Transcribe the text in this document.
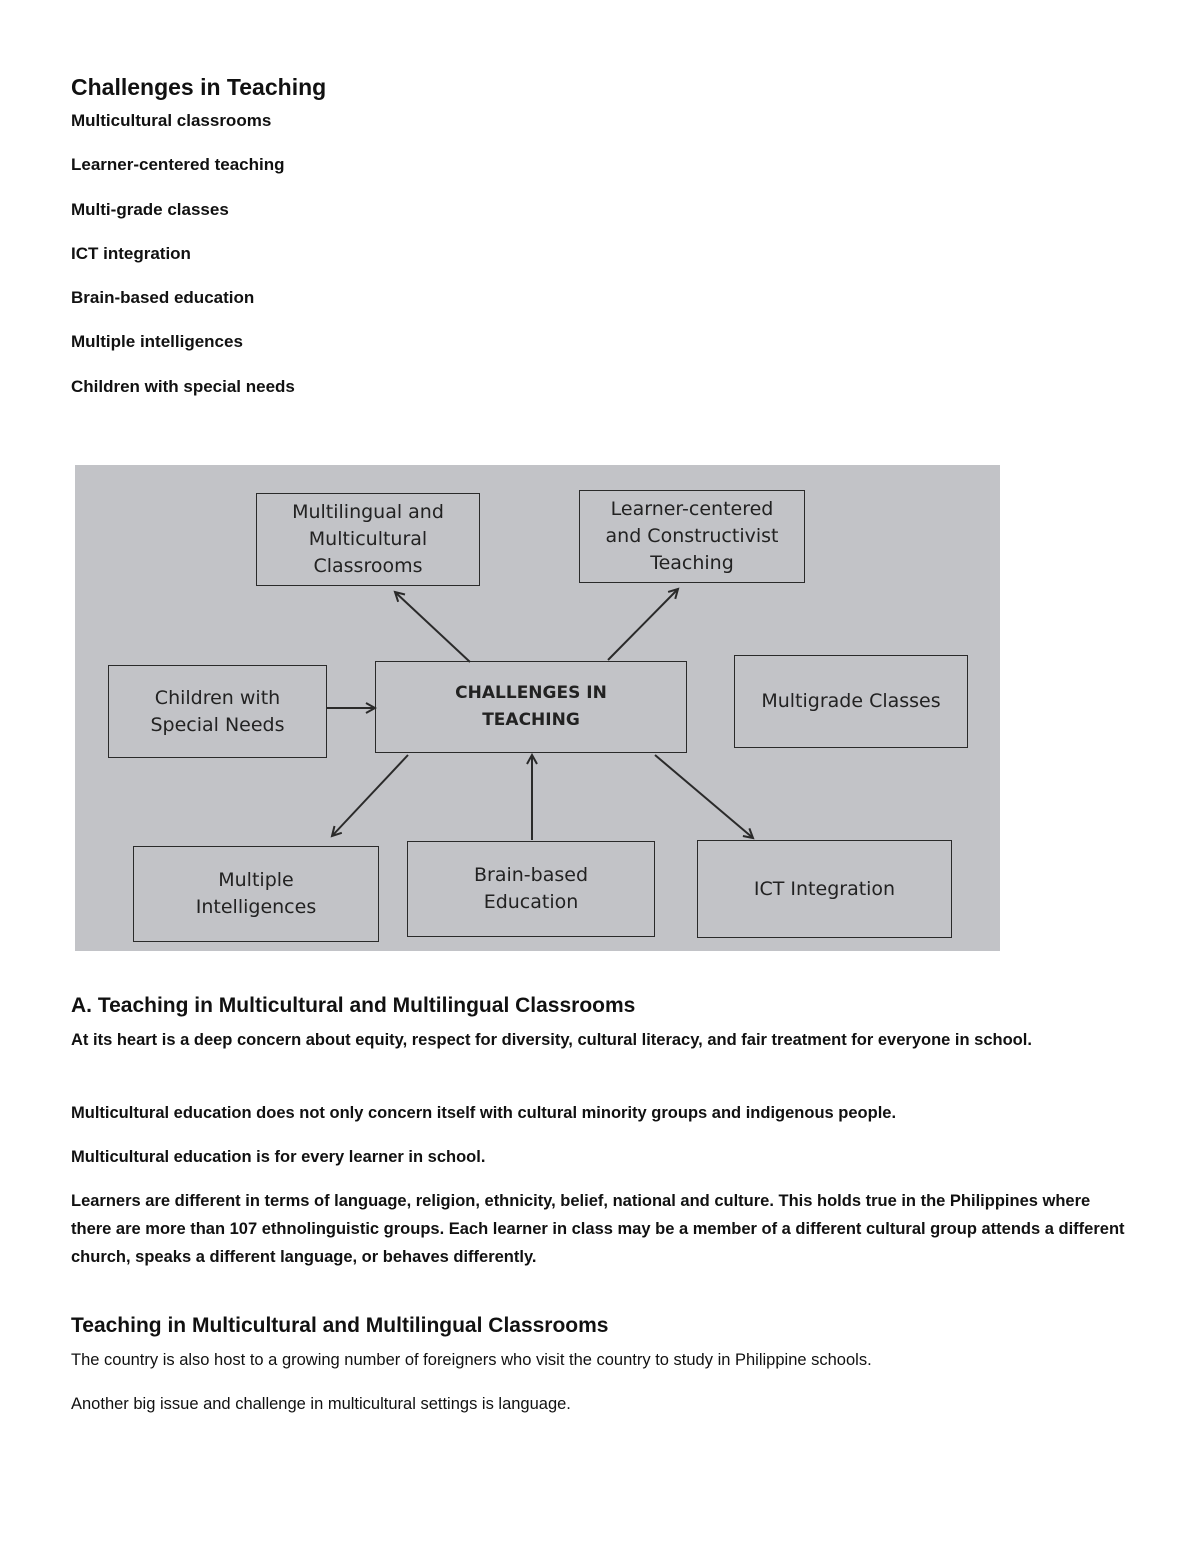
Challenges in Teaching
Multicultural classrooms
Learner-centered teaching
Multi-grade classes
ICT integration
Brain-based education
Multiple intelligences
Children with special needs
Multilingual and
Multicultural
Classrooms
Learner-centered
and Constructivist
Teaching
Children with
Special Needs
CHALLENGES IN
TEACHING
Multigrade Classes
Multiple
Intelligences
Brain-based
Education
ICT Integration
A. Teaching in Multicultural and Multilingual Classrooms

At its heart is a deep concern about equity, respect for diversity, cultural literacy, and fair treatment for everyone in school.

Multicultural education does not only concern itself with cultural minority groups and indigenous people.

Multicultural education is for every learner in school.

Learners are different in terms of language, religion, ethnicity, belief, national and culture. This holds true in the Philippines where there are more than 107 ethnolinguistic groups. Each learner in class may be a member of a different cultural group attends a different church, speaks a different language, or behaves differently.

Teaching in Multicultural and Multilingual Classrooms

The country is also host to a growing number of foreigners who visit the country to study in Philippine schools.

Another big issue and challenge in multicultural settings is language.
